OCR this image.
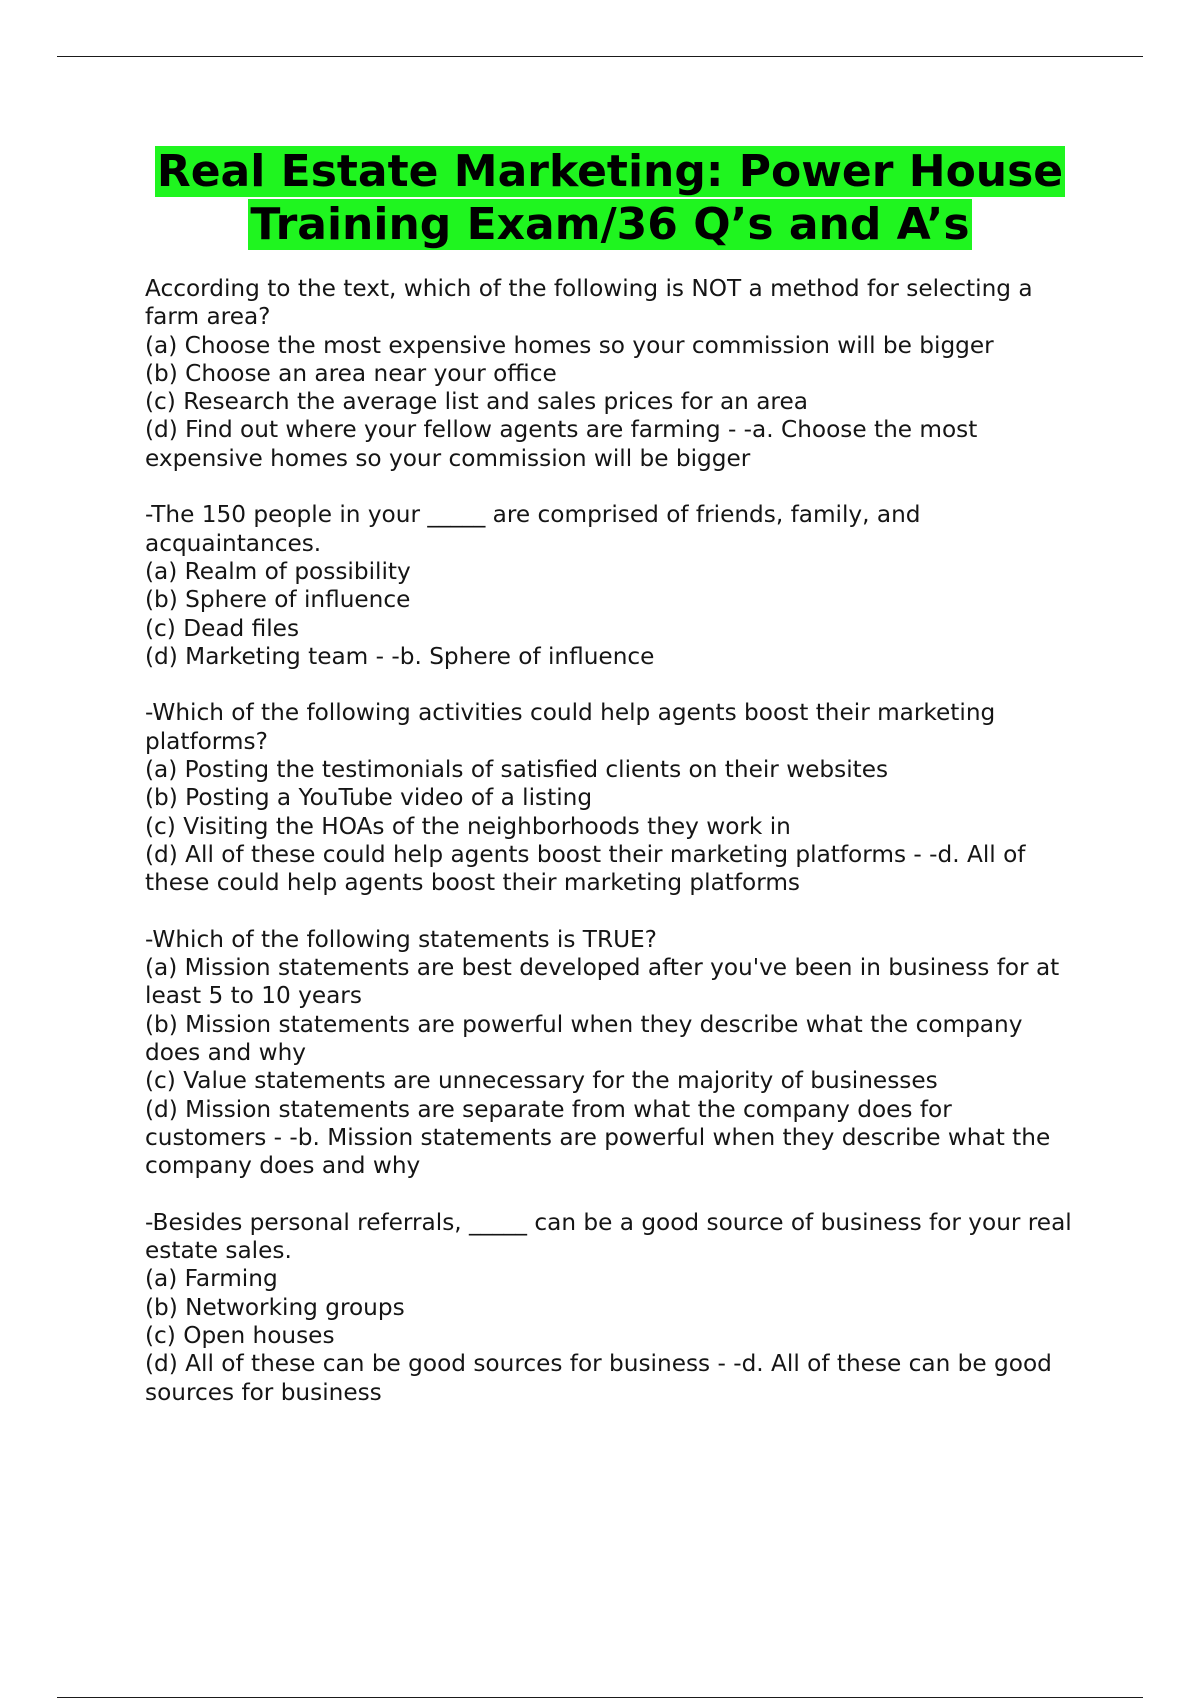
Real Estate Marketing: Power House
Training Exam/36 Q’s and A’s
According to the text, which of the following is NOT a method for selecting a farm area?
(a) Choose the most expensive homes so your commission will be bigger
(b) Choose an area near your office
(c) Research the average list and sales prices for an area
(d) Find out where your fellow agents are farming - -a. Choose the most expensive homes so your commission will be bigger
-The 150 people in your _____ are comprised of friends, family, and acquaintances.
(a) Realm of possibility
(b) Sphere of influence
(c) Dead files
(d) Marketing team - -b. Sphere of influence
-Which of the following activities could help agents boost their marketing platforms?
(a) Posting the testimonials of satisfied clients on their websites
(b) Posting a YouTube video of a listing
(c) Visiting the HOAs of the neighborhoods they work in
(d) All of these could help agents boost their marketing platforms - -d. All of these could help agents boost their marketing platforms
-Which of the following statements is TRUE?
(a) Mission statements are best developed after you've been in business for at least 5 to 10 years
(b) Mission statements are powerful when they describe what the company does and why
(c) Value statements are unnecessary for the majority of businesses
(d) Mission statements are separate from what the company does for customers - -b. Mission statements are powerful when they describe what the company does and why
-Besides personal referrals, _____ can be a good source of business for your real estate sales.
(a) Farming
(b) Networking groups
(c) Open houses
(d) All of these can be good sources for business - -d. All of these can be good sources for business
